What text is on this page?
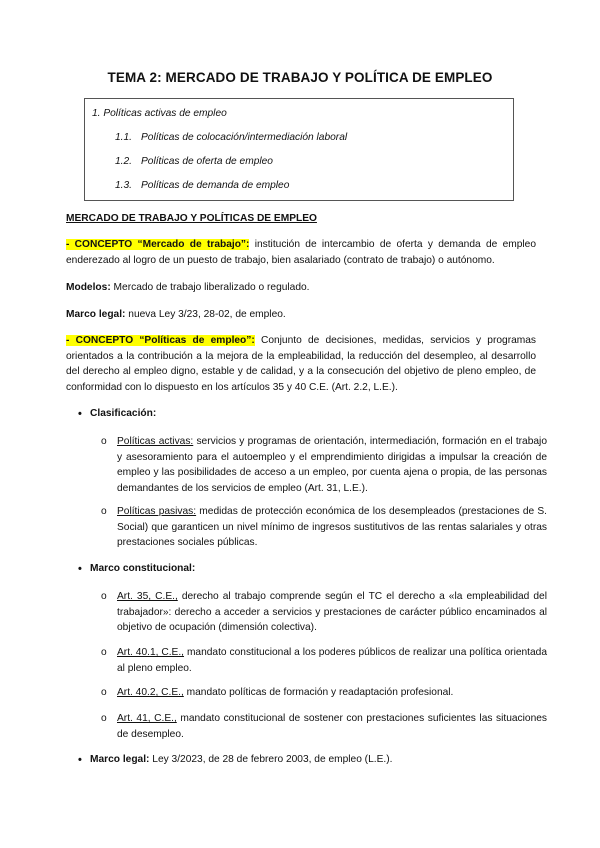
TEMA 2: MERCADO DE TRABAJO Y POLÍTICA DE EMPLEO
1. Políticas activas de empleo
1.1. Políticas de colocación/intermediación laboral
1.2. Políticas de oferta de empleo
1.3. Políticas de demanda de empleo
MERCADO DE TRABAJO Y POLÍTICAS DE EMPLEO
- CONCEPTO “Mercado de trabajo”: institución de intercambio de oferta y demanda de empleo enderezado al logro de un puesto de trabajo, bien asalariado (contrato de trabajo) o autónomo.
Modelos: Mercado de trabajo liberalizado o regulado.
Marco legal: nueva Ley 3/23, 28-02, de empleo.
- CONCEPTO “Políticas de empleo”: Conjunto de decisiones, medidas, servicios y programas orientados a la contribución a la mejora de la empleabilidad, la reducción del desempleo, al desarrollo del derecho al empleo digno, estable y de calidad, y a la consecución del objetivo de pleno empleo, de conformidad con lo dispuesto en los artículos 35 y 40 C.E. (Art. 2.2, L.E.).
• Clasificación:
o Políticas activas: servicios y programas de orientación, intermediación, formación en el trabajo y asesoramiento para el autoempleo y el emprendimiento dirigidas a impulsar la creación de empleo y las posibilidades de acceso a un empleo, por cuenta ajena o propia, de las personas demandantes de los servicios de empleo (Art. 31, L.E.).
o Políticas pasivas: medidas de protección económica de los desempleados (prestaciones de S. Social) que garanticen un nivel mínimo de ingresos sustitutivos de las rentas salariales y otras prestaciones sociales públicas.
• Marco constitucional:
o Art. 35, C.E., derecho al trabajo comprende según el TC el derecho a «la empleabilidad del trabajador»: derecho a acceder a servicios y prestaciones de carácter público encaminados al objetivo de ocupación (dimensión colectiva).
o Art. 40.1, C.E., mandato constitucional a los poderes públicos de realizar una política orientada al pleno empleo.
o Art. 40.2, C.E., mandato políticas de formación y readaptación profesional.
o Art. 41, C.E., mandato constitucional de sostener con prestaciones suficientes las situaciones de desempleo.
• Marco legal: Ley 3/2023, de 28 de febrero 2003, de empleo (L.E.).
